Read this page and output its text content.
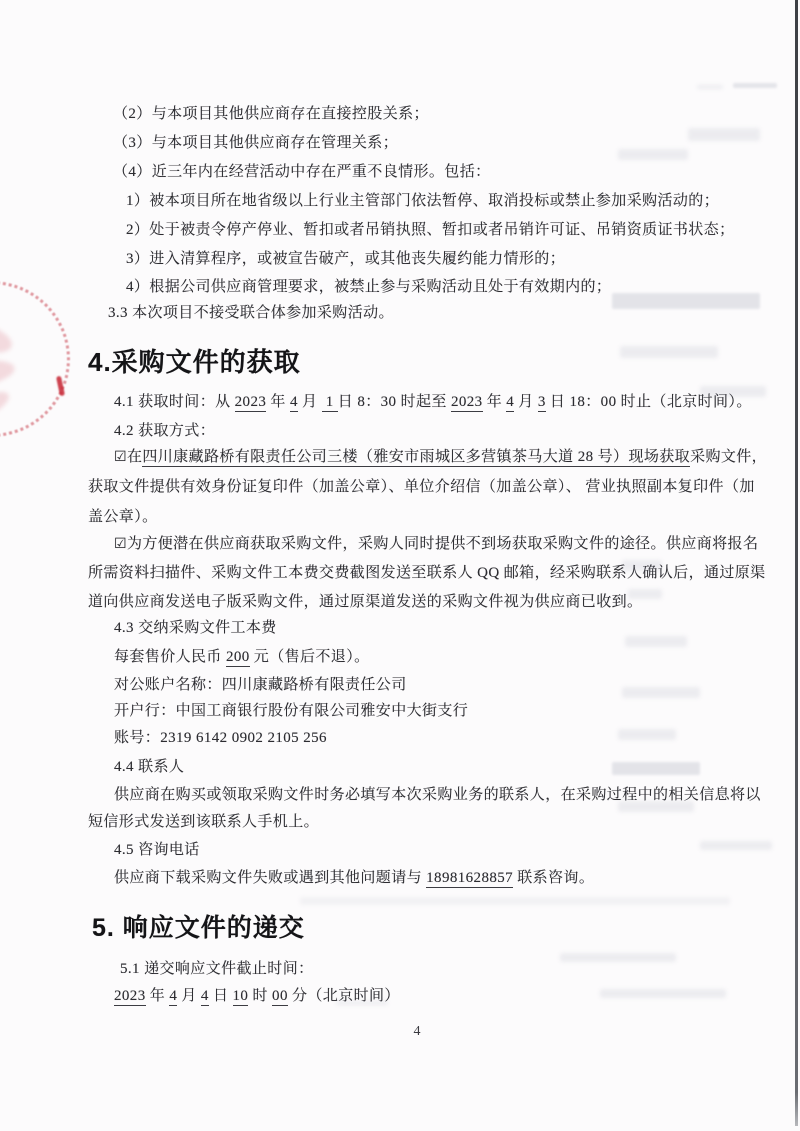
（2）与本项目其他供应商存在直接控股关系；
（3）与本项目其他供应商存在管理关系；
（4）近三年内在经营活动中存在严重不良情形。包括：
1）被本项目所在地省级以上行业主管部门依法暂停、取消投标或禁止参加采购活动的；
2）处于被责令停产停业、暂扣或者吊销执照、暂扣或者吊销许可证、吊销资质证书状态；
3）进入清算程序，或被宣告破产，或其他丧失履约能力情形的；
4）根据公司供应商管理要求，被禁止参与采购活动且处于有效期内的；
3.3 本次项目不接受联合体参加采购活动。
4.采购文件的获取
4.1 获取时间：从 2023 年 4 月  1 日 8：30 时起至 2023 年 4 月 3 日 18：00 时止（北京时间）。
4.2 获取方式：
☑在四川康藏路桥有限责任公司三楼（雅安市雨城区多营镇茶马大道 28 号）现场获取采购文件，
获取文件提供有效身份证复印件（加盖公章）、单位介绍信（加盖公章）、 营业执照副本复印件（加
盖公章）。
☑为方便潜在供应商获取采购文件，采购人同时提供不到场获取采购文件的途径。供应商将报名
所需资料扫描件、采购文件工本费交费截图发送至联系人 QQ 邮箱，经采购联系人确认后，通过原渠
道向供应商发送电子版采购文件，通过原渠道发送的采购文件视为供应商已收到。
4.3 交纳采购文件工本费
每套售价人民币 200 元（售后不退）。
对公账户名称：四川康藏路桥有限责任公司
开户行：中国工商银行股份有限公司雅安中大街支行
账号：2319 6142 0902 2105 256
4.4 联系人
供应商在购买或领取采购文件时务必填写本次采购业务的联系人，在采购过程中的相关信息将以
短信形式发送到该联系人手机上。
4.5 咨询电话
供应商下载采购文件失败或遇到其他问题请与 18981628857 联系咨询。
5. 响应文件的递交
5.1 递交响应文件截止时间：
2023 年 4 月 4 日 10 时 00 分（北京时间）
4
